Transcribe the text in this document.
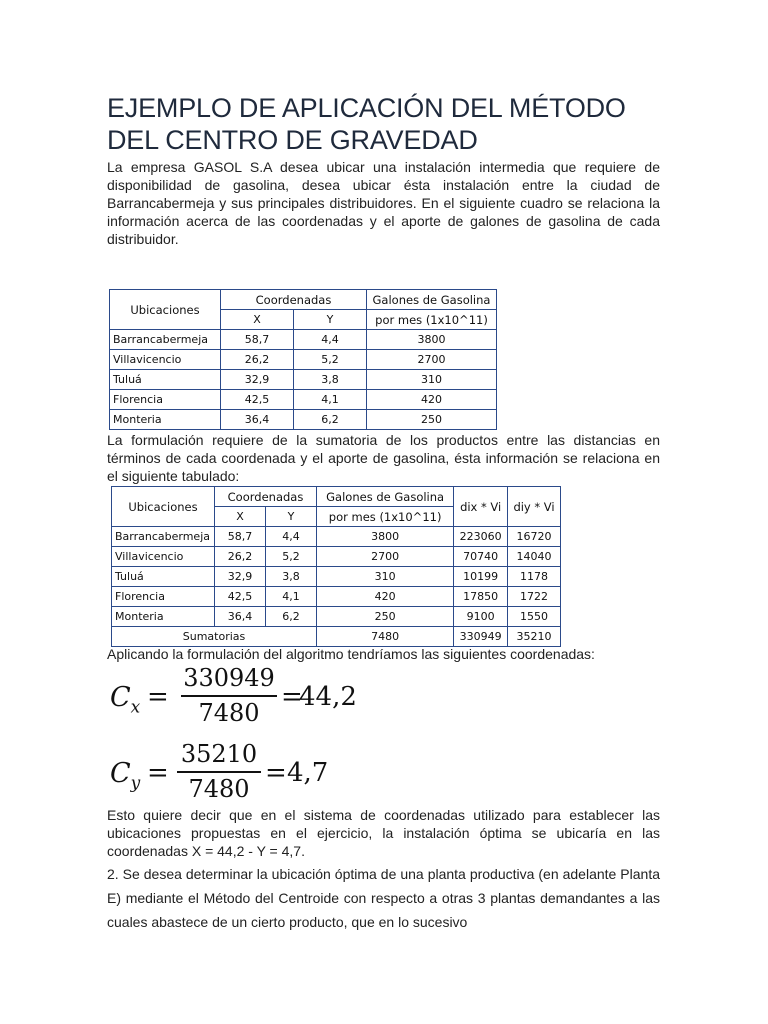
EJEMPLO DE APLICACIÓN DEL MÉTODO
DEL CENTRO DE GRAVEDAD
La empresa GASOL S.A desea ubicar una instalación intermedia que requiere de disponibilidad de gasolina, desea ubicar ésta instalación entre la ciudad de Barrancabermeja y sus principales distribuidores. En el siguiente cuadro se relaciona la información acerca de las coordenadas y el aporte de galones de gasolina de cada distribuidor.
Ubicaciones	Coordenadas		Galones de Gasolina
	X	Y	por mes (1x10^11)
Barrancabermeja	58,7	4,4	3800
Villavicencio	26,2	5,2	2700
Tuluá	32,9	3,8	310
Florencia	42,5	4,1	420
Monteria	36,4	6,2	250
La formulación requiere de la sumatoria de los productos entre las distancias en términos de cada coordenada y el aporte de gasolina, ésta información se relaciona en el siguiente tabulado:
Ubicaciones	Coordenadas		Galones de Gasolina	dix * Vi	diy * Vi
	X	Y	por mes (1x10^11)		
Barrancabermeja	58,7	4,4	3800	223060	16720
Villavicencio	26,2	5,2	2700	70740	14040
Tuluá	32,9	3,8	310	10199	1178
Florencia	42,5	4,1	420	17850	1722
Monteria	36,4	6,2	250	9100	1550
Sumatorias			7480	330949	35210
Aplicando la formulación del algoritmo tendríamos las siguientes coordenadas:
$C_x$ =
330949
7480
=
44,2
$C_y$ =
35210
7480
= 4,7
Esto quiere decir que en el sistema de coordenadas utilizado para establecer las ubicaciones propuestas en el ejercicio, la instalación óptima se ubicaría en las coordenadas X = 44,2 - Y = 4,7.
2. Se desea determinar la ubicación óptima de una planta productiva (en adelante Planta E) mediante el Método del Centroide con respecto a otras 3 plantas demandantes a las cuales abastece de un cierto producto, que en lo sucesivo
